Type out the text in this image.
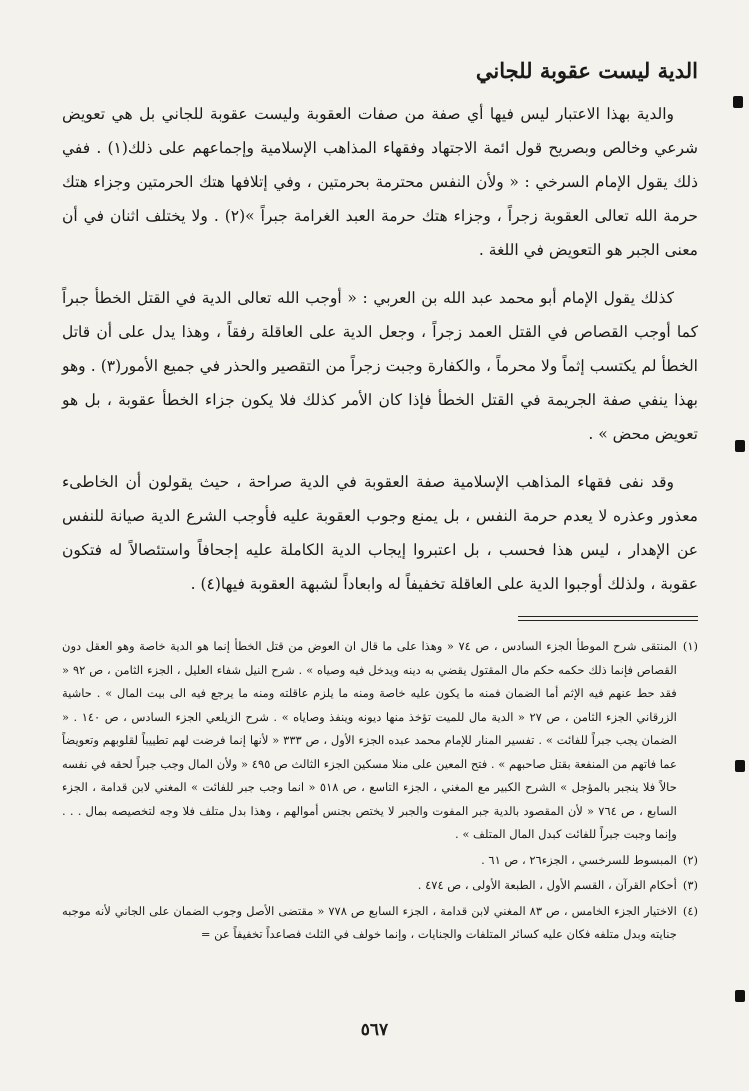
الدية ليست عقوبة للجاني

والدية بهذا الاعتبار ليس فيها أي صفة من صفات العقوبة وليست عقوبة للجاني بل هي تعويض شرعي وخالص وبصريح قول ائمة الاجتهاد وفقهاء المذاهب الإسلامية وإجماعهم على ذلك(١) . ففي ذلك يقول الإمام السرخي : « ولأن النفس محترمة بحرمتين ، وفي إتلافها هتك الحرمتين وجزاء هتك حرمة الله تعالى العقوبة زجراً ، وجزاء هتك حرمة العبد الغرامة جبراً »(٢) . ولا يختلف اثنان في أن معنى الجبر هو التعويض في اللغة .

كذلك يقول الإمام أبو محمد عبد الله بن العربي : « أوجب الله تعالى الدية في القتل الخطأ جبراً كما أوجب القصاص في القتل العمد زجراً ، وجعل الدية على العاقلة رفقاً ، وهذا يدل على أن قاتل الخطأ لم يكتسب إثماً ولا محرماً ، والكفارة وجبت زجراً من التقصير والحذر في جميع الأمور(٣) . وهو بهذا ينفي صفة الجريمة في القتل الخطأ فإذا كان الأمر كذلك فلا يكون جزاء الخطأ عقوبة ، بل هو تعويض محض » .

وقد نفى فقهاء المذاهب الإسلامية صفة العقوبة في الدية صراحة ، حيث يقولون أن الخاطىء معذور وعذره لا يعدم حرمة النفس ، بل يمنع وجوب العقوبة عليه فأوجب الشرع الدية صيانة للنفس عن الإهدار ، ليس هذا فحسب ، بل اعتبروا إيجاب الدية الكاملة عليه إجحافاً واستئصالاً له فتكون عقوبة ، ولذلك أوجبوا الدية على العاقلة تخفيفاً له وابعاداً لشبهة العقوبة فيها(٤) .

(١)
المنتقى شرح الموطأ الجزء السادس ، ص ٧٤ « وهذا على ما قال ان العوض من قتل الخطأ إنما هو الدية خاصة وهو العقل دون القصاص فإنما ذلك حكمه حكم مال المقتول يقضي به دينه ويدخل فيه وصياه » . شرح النيل شفاء العليل ، الجزء الثامن ، ص ٩٢ « فقد حط عنهم فيه الإثم أما الضمان فمنه ما يكون عليه خاصة ومنه ما يلزم عاقلته ومنه ما يرجع فيه الى بيت المال » . حاشية الزرقاني الجزء الثامن ، ص ٢٧ « الدية مال للميت تؤخذ منها ديونه وينفذ وصاياه » . شرح الزيلعي الجزء السادس ، ص ١٤٠ . « الضمان يجب جبراً للفائت » . تفسير المنار للإمام محمد عبده الجزء الأول ، ص ٣٣٣ « لأنها إنما فرضت لهم تطييباً لقلوبهم وتعويضاً عما فاتهم من المنفعة بقتل صاحبهم » . فتح المعين على منلا مسكين الجزء الثالث ص ٤٩٥ « ولأن المال وجب جبراً لحقه في نفسه حالاً فلا ينجبر بالمؤجل » الشرح الكبير مع المغني ، الجزء التاسع ، ص ٥١٨ « انما وجب جبر للفائت » المغني لابن قدامة ، الجزء السابع ، ص ٧٦٤ « لأن المقصود بالدية جبر المفوت والجبر لا يختص بجنس أموالهم ، وهذا بدل متلف فلا وجه لتخصيصه بمال . . . وإنما وجبت جبراً للفائت كبدل المال المتلف » .
(٢)
المبسوط للسرخسي ، الجزء٢٦ ، ص ٦١ .
(٣)
أحكام القرآن ، القسم الأول ، الطبعة الأولى ، ص ٤٧٤ .
(٤)
الاختيار الجزء الخامس ، ص ٨٣ المغني لابن قدامة ، الجزء السابع ص ٧٧٨ « مقتضى الأصل وجوب الضمان على الجاني لأنه موجبه جنايته وبدل متلفه فكان عليه كسائر المتلفات والجنايات ، وإنما خولف في الثلث فصاعداً تخفيفاً عن =
٥٦٧
